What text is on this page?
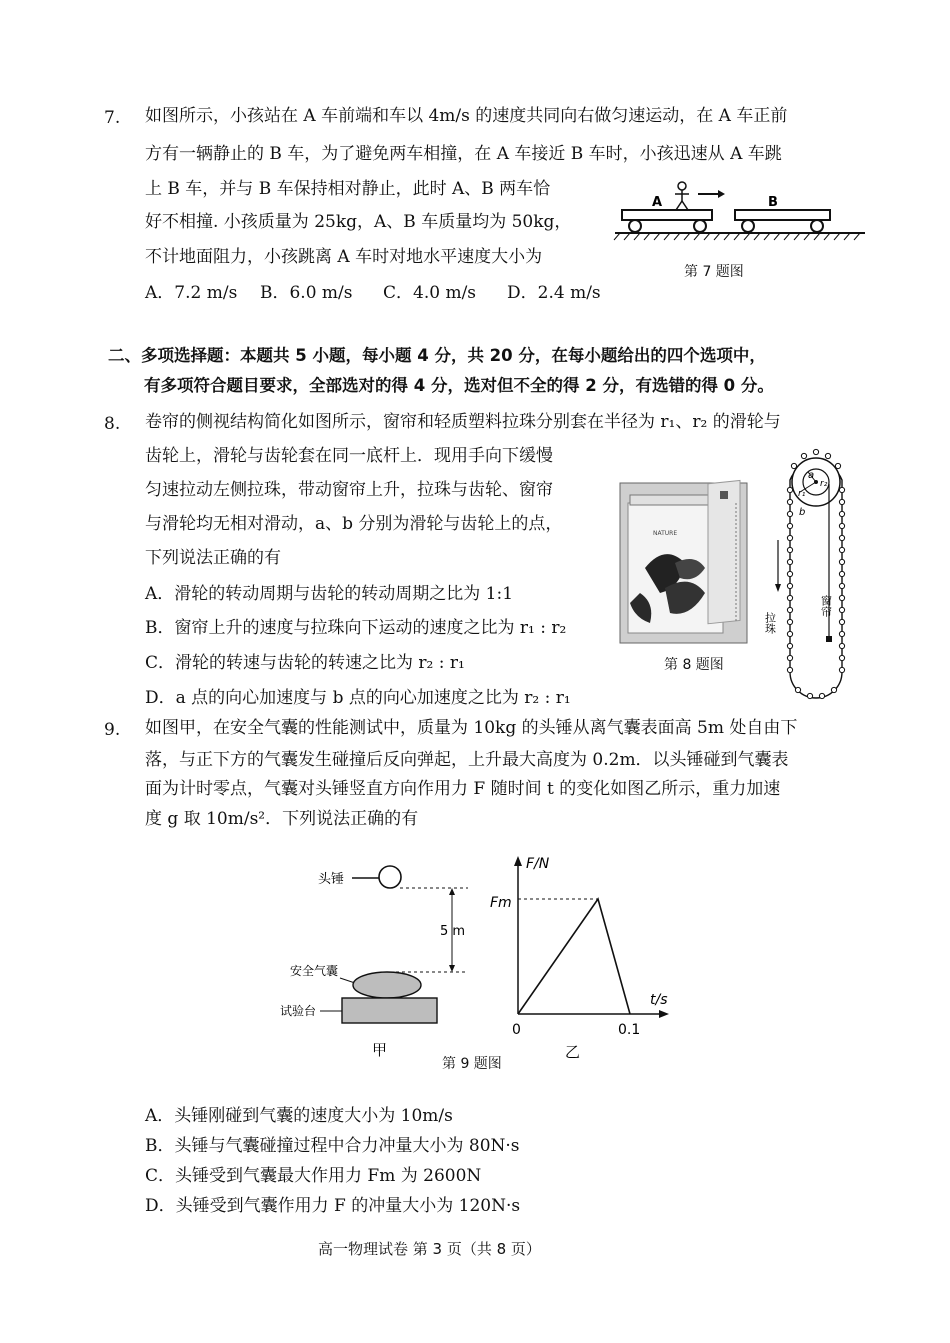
7. 如图所示，小孩站在 A 车前端和车以 4m/s 的速度共同向右做匀速运动，在 A 车正前
方有一辆静止的 B 车，为了避免两车相撞，在 A 车接近 B 车时，小孩迅速从 A 车跳
上 B 车，并与 B 车保持相对静止，此时 A、B 两车恰
好不相撞. 小孩质量为 25kg，A、B 车质量均为 50kg，
不计地面阻力，小孩跳离 A 车时对地水平速度大小为
A．7.2 m/s B．6.0 m/s C．4.0 m/s D．2.4 m/s
A	B
第 7 题图
二、多项选择题：本题共 5 小题，每小题 4 分，共 20 分，在每小题给出的四个选项中，
有多项符合题目要求，全部选对的得 4 分，选对但不全的得 2 分，有选错的得 0 分。
8. 卷帘的侧视结构简化如图所示，窗帘和轻质塑料拉珠分别套在半径为 r₁、r₂ 的滑轮与
齿轮上，滑轮与齿轮套在同一底杆上．现用手向下缓慢
匀速拉动左侧拉珠，带动窗帘上升，拉珠与齿轮、窗帘
与滑轮均无相对滑动，a、b 分别为滑轮与齿轮上的点，
下列说法正确的有
A．滑轮的转动周期与齿轮的转动周期之比为 1:1
B．窗帘上升的速度与拉珠向下运动的速度之比为 r₁ : r₂
C．滑轮的转速与齿轮的转速之比为 r₂ : r₁
D．a 点的向心加速度与 b 点的向心加速度之比为 r₂ : r₁
NATURE
第 8 题图
a
b
r₂
r₁
拉珠
窗帘
9. 如图甲，在安全气囊的性能测试中，质量为 10kg 的头锤从离气囊表面高 5m 处自由下
落，与正下方的气囊发生碰撞后反向弹起，上升最大高度为 0.2m．以头锤碰到气囊表
面为计时零点，气囊对头锤竖直方向作用力 F 随时间 t 的变化如图乙所示，重力加速
度 g 取 10m/s²．下列说法正确的有
头锤
5 m
安全气囊
试验台
甲
F/N
Fm
t/s
0	0.1
乙
第 9 题图
A．头锤刚碰到气囊的速度大小为 10m/s
B．头锤与气囊碰撞过程中合力冲量大小为 80N·s
C．头锤受到气囊最大作用力 Fm 为 2600N
D．头锤受到气囊作用力 F 的冲量大小为 120N·s
高一物理试卷 第 3 页（共 8 页）
